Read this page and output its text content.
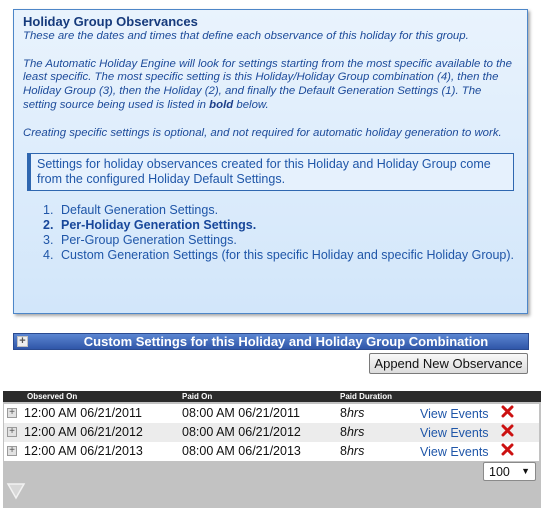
Holiday Group Observances

These are the dates and times that define each observance of this holiday for this group.

The Automatic Holiday Engine will look for settings starting from the most specific available to the least specific. The most specific setting is this Holiday/Holiday Group combination (4), then the Holiday Group (3), then the Holiday (2), and finally the Default Generation Settings (1). The setting source being used is listed in bold below.

Creating specific settings is optional, and not required for automatic holiday generation to work.

Settings for holiday observances created for this Holiday and Holiday Group come from the configured Holiday Default Settings.
1. Default Generation Settings.
2. Per-Holiday Generation Settings.
3. Per-Group Generation Settings.
4. Custom Generation Settings (for this specific Holiday and specific Holiday Group).
+	Custom Settings for this Holiday and Holiday Group Combination
Append New Observance
Observed On	Paid On	Paid Duration
+ 12:00 AM 06/21/2011	08:00 AM 06/21/2011	8hrs	View Events
+ 12:00 AM 06/21/2012	08:00 AM 06/21/2012	8hrs	View Events
+ 12:00 AM 06/21/2013	08:00 AM 06/21/2013	8hrs	View Events
100 ▼
